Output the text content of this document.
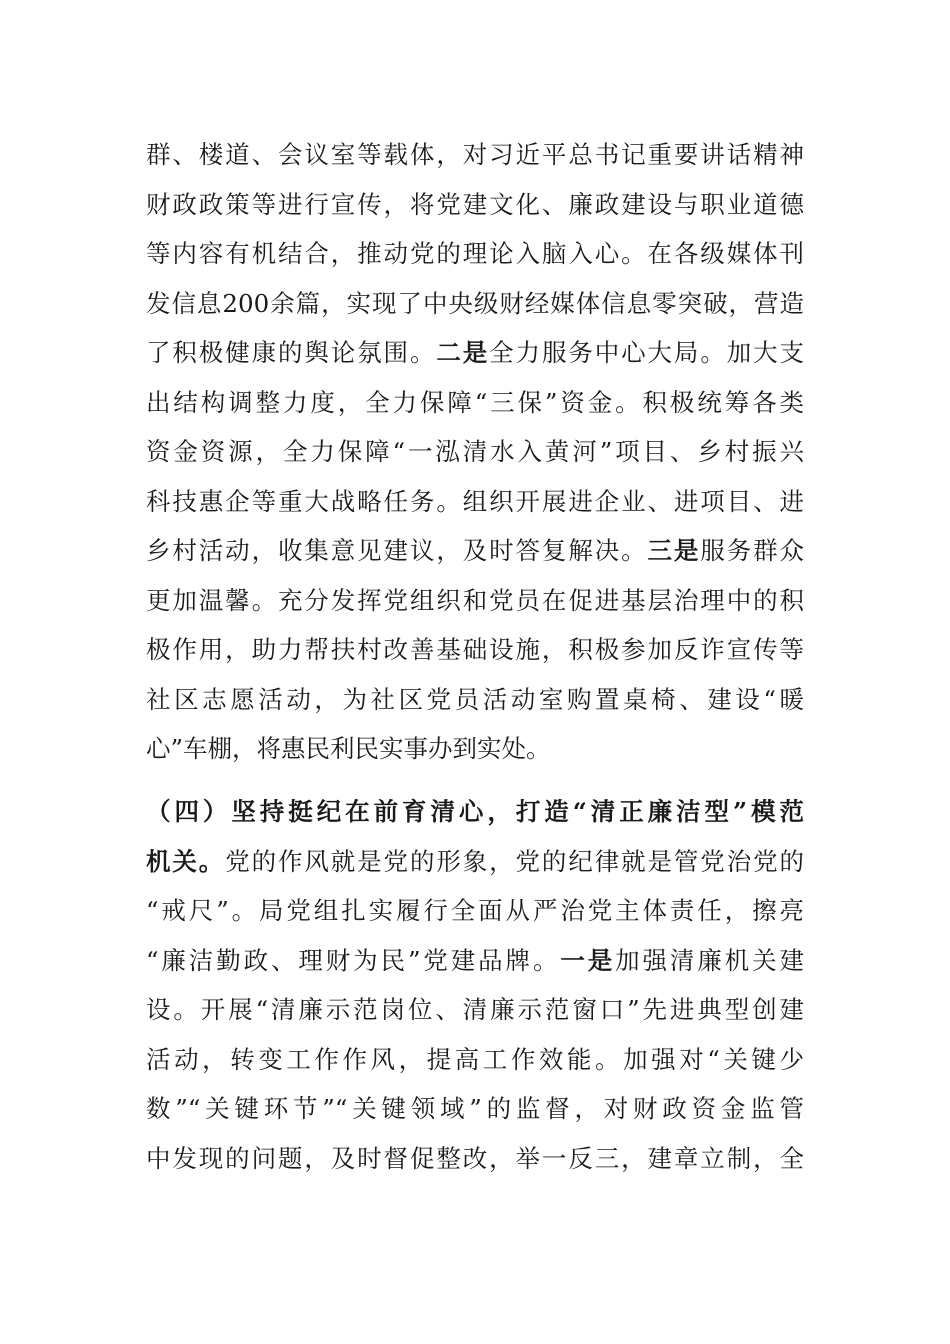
群、楼道、会议室等载体，对习近平总书记重要讲话精神
财政政策等进行宣传，将党建文化、廉政建设与职业道德
等内容有机结合，推动党的理论入脑入心。在各级媒体刊
发信息200余篇，实现了中央级财经媒体信息零突破，营造
了积极健康的舆论氛围。二是全力服务中心大局。加大支
出结构调整力度，全力保障“三保”资金。积极统筹各类
资金资源，全力保障“一泓清水入黄河”项目、乡村振兴
科技惠企等重大战略任务。组织开展进企业、进项目、进
乡村活动，收集意见建议，及时答复解决。三是服务群众
更加温馨。充分发挥党组织和党员在促进基层治理中的积
极作用，助力帮扶村改善基础设施，积极参加反诈宣传等
社区志愿活动，为社区党员活动室购置桌椅、建设“暖
心”车棚，将惠民利民实事办到实处。
（四）坚持挺纪在前育清心，打造“清正廉洁型”模范
机关。党的作风就是党的形象，党的纪律就是管党治党的
“戒尺”。局党组扎实履行全面从严治党主体责任，擦亮
“廉洁勤政、理财为民”党建品牌。一是加强清廉机关建
设。开展“清廉示范岗位、清廉示范窗口”先进典型创建
活动，转变工作作风，提高工作效能。加强对“关键少
数”“关键环节”“关键领域”的监督，对财政资金监管
中发现的问题，及时督促整改，举一反三，建章立制，全
